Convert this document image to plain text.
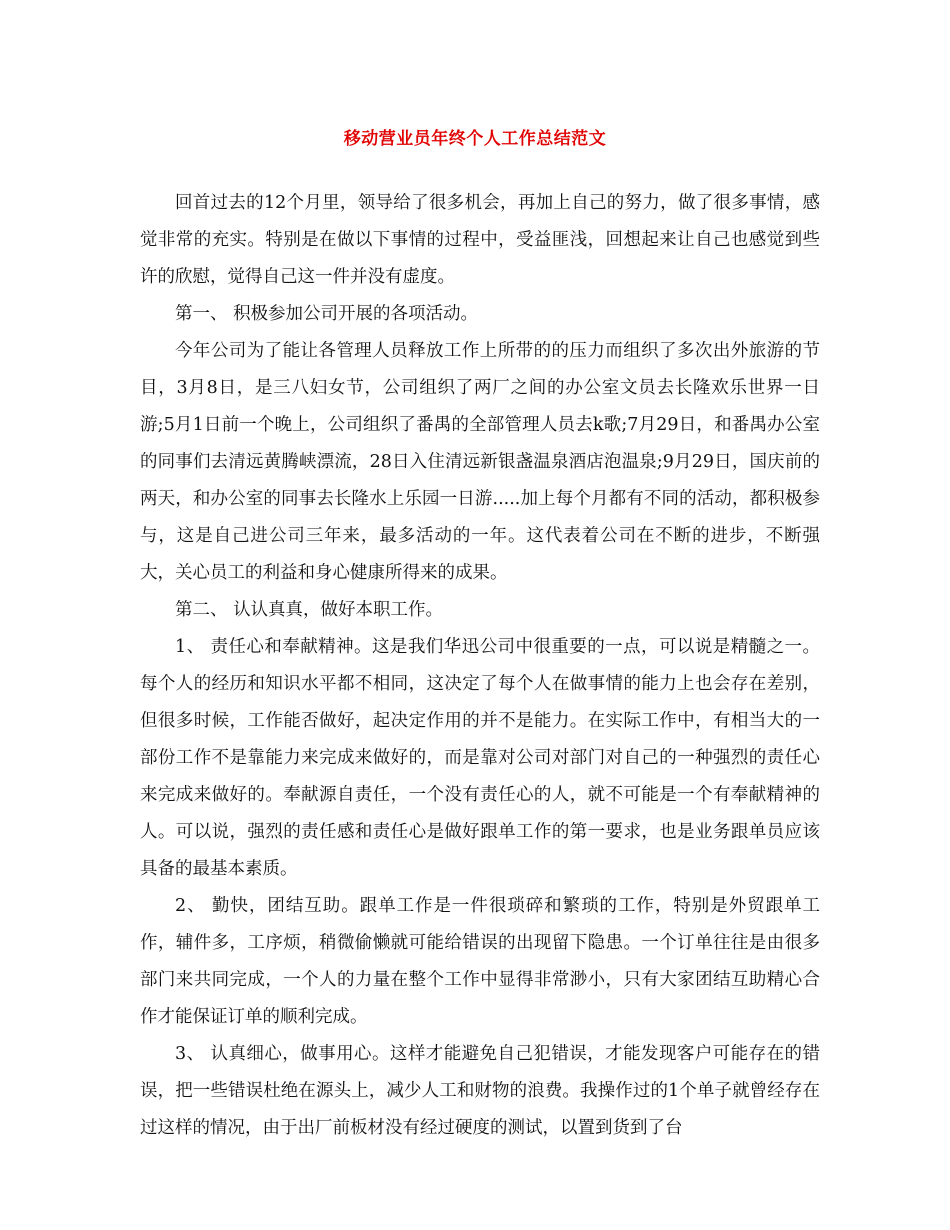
移动营业员年终个人工作总结范文

回首过去的12个月里，领导给了很多机会，再加上自己的努力，做了很多事情，感觉非常的充实。特别是在做以下事情的过程中，受益匪浅，回想起来让自己也感觉到些许的欣慰，觉得自己这一件并没有虚度。

第一、 积极参加公司开展的各项活动。

今年公司为了能让各管理人员释放工作上所带的的压力而组织了多次出外旅游的节目，3月8日，是三八妇女节，公司组织了两厂之间的办公室文员去长隆欢乐世界一日游;5月1日前一个晚上，公司组织了番禺的全部管理人员去k歌;7月29日，和番禺办公室的同事们去清远黄腾峡漂流，28日入住清远新银盏温泉酒店泡温泉;9月29日，国庆前的两天，和办公室的同事去长隆水上乐园一日游.....加上每个月都有不同的活动，都积极参与，这是自己进公司三年来，最多活动的一年。这代表着公司在不断的进步，不断强大，关心员工的利益和身心健康所得来的成果。

第二、 认认真真，做好本职工作。

1、 责任心和奉献精神。这是我们华迅公司中很重要的一点，可以说是精髓之一。每个人的经历和知识水平都不相同，这决定了每个人在做事情的能力上也会存在差别，但很多时候，工作能否做好，起决定作用的并不是能力。在实际工作中，有相当大的一部份工作不是靠能力来完成来做好的，而是靠对公司对部门对自己的一种强烈的责任心来完成来做好的。奉献源自责任，一个没有责任心的人，就不可能是一个有奉献精神的人。可以说，强烈的责任感和责任心是做好跟单工作的第一要求，也是业务跟单员应该具备的最基本素质。

2、 勤快，团结互助。跟单工作是一件很琐碎和繁琐的工作，特别是外贸跟单工作，辅件多，工序烦，稍微偷懒就可能给错误的出现留下隐患。一个订单往往是由很多部门来共同完成，一个人的力量在整个工作中显得非常渺小，只有大家团结互助精心合作才能保证订单的顺利完成。

3、 认真细心，做事用心。这样才能避免自己犯错误，才能发现客户可能存在的错误，把一些错误杜绝在源头上，减少人工和财物的浪费。我操作过的1个单子就曾经存在过这样的情况，由于出厂前板材没有经过硬度的测试，以置到货到了台
